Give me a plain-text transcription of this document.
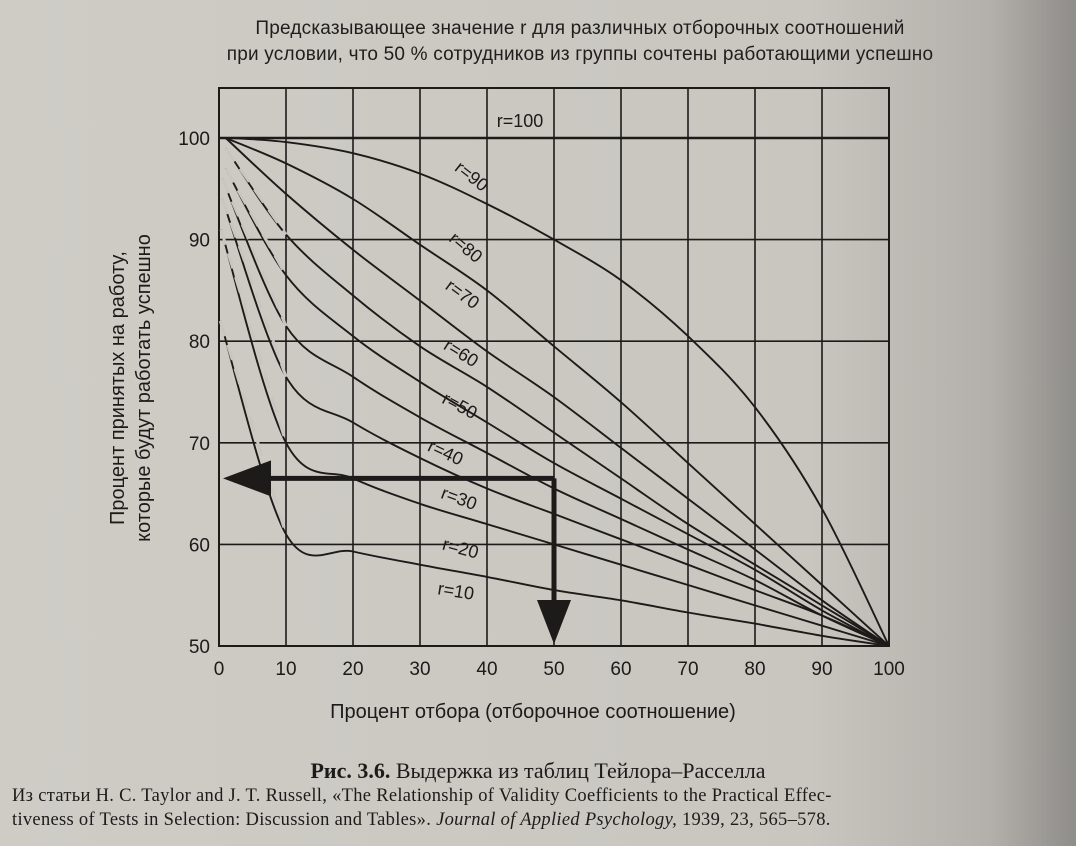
Предсказывающее значение r для различных отборочных соотношений
при условии, что 50 % сотрудников из группы сочтены работающими успешно
r=100
r=90
r=80
r=70
r=60
r=50
r=40
r=30
r=20
r=10
0	10 20 30 40 50 60 70 80 90 100
50
60
70
80
90
100
Процент отбора (отборочное соотношение)
Процент принятых на работу, которые будут работать успешно
Рис. 3.6. Выдержка из таблиц Тейлора–Расселла
Из статьи H. C. Taylor and J. T. Russell, «The Relationship of Validity Coefficients to the Practical Effec-
tiveness of Tests in Selection: Discussion and Tables». Journal of Applied Psychology, 1939, 23, 565–578.
